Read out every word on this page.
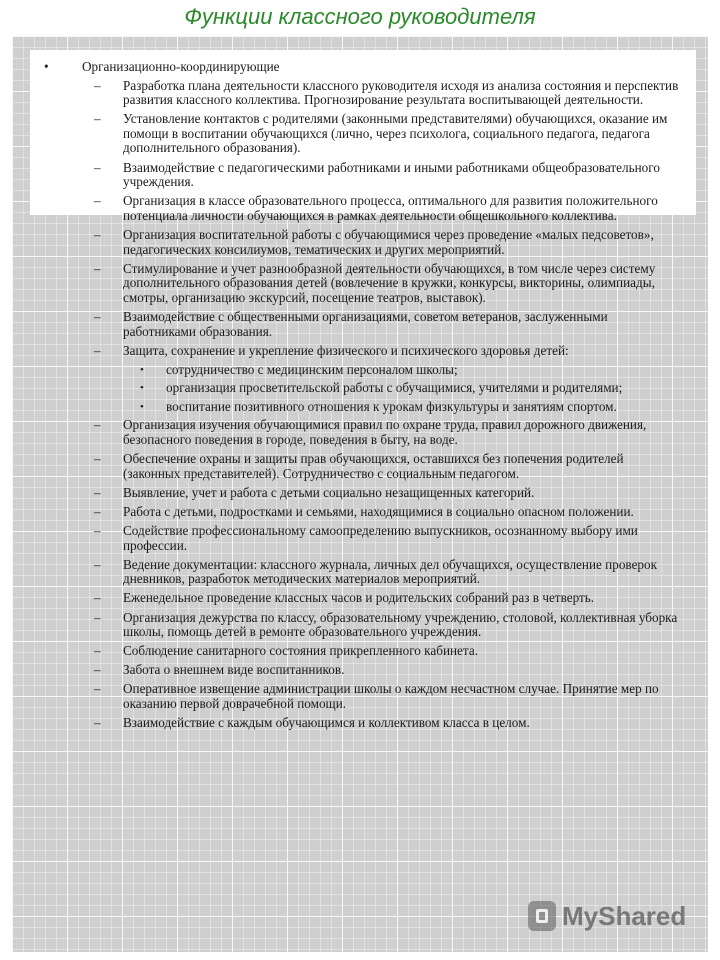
Функции классного руководителя
•	Организационно-координирующие
– Разработка плана деятельности классного руководителя исходя из анализа состояния и перспектив развития классного коллектива. Прогнозирование результата воспитывающей деятельности.
– Установление контактов с родителями (законными представителями) обучающихся, оказание им помощи в воспитании обучающихся (лично, через психолога, социального педагога, педагога дополнительного образования).
– Взаимодействие с педагогическими работниками и иными работниками общеобразовательного учреждения.
– Организация в классе образовательного процесса, оптимального для развития положительного потенциала личности обучающихся в рамках деятельности общешкольного коллектива.
– Организация воспитательной работы с обучающимися через проведение «малых педсоветов», педагогических консилиумов, тематических и других мероприятий.
– Стимулирование и учет разнообразной деятельности обучающихся, в том числе через систему дополнительного образования детей (вовлечение в кружки, конкурсы, викторины, олимпиады, смотры, организацию экскурсий, посещение театров, выставок).
– Взаимодействие с общественными организациями, советом ветеранов, заслуженными работниками образования.
– Защита, сохранение и укрепление физического и психического здоровья детей:
• сотрудничество с медицинским персоналом школы;
• организация просветительской работы с обучащимися, учителями и родителями;
• воспитание позитивного отношения к урокам физкультуры и занятиям спортом.
– Организация изучения обучающимися правил по охране труда, правил дорожного движения, безопасного поведения в городе, поведения в быту, на воде.
– Обеспечение охраны и защиты прав обучающихся, оставшихся без попечения родителей (законных представителей). Сотрудничество с социальным педагогом.
– Выявление, учет и работа с детьми социально незащищенных категорий.
– Работа с детьми, подростками и семьями, находящимися в социально опасном положении.
– Содействие профессиональному самоопределению выпускников, осознанному выбору ими профессии.
– Ведение документации: классного журнала, личных дел обучащихся, осуществление проверок дневников, разработок методических материалов мероприятий.
– Еженедельное проведение классных часов и родительских собраний раз в четверть.
– Организация дежурства по классу, образовательному учреждению, столовой, коллективная уборка школы, помощь детей в ремонте образовательного учреждения.
– Соблюдение санитарного состояния прикрепленного кабинета.
– Забота о внешнем виде воспитанников.
– Оперативное извещение администрации школы о каждом несчастном случае. Принятие мер по оказанию первой доврачебной помощи.
– Взаимодействие с каждым обучающимся и коллективом класса в целом.
MyShared
